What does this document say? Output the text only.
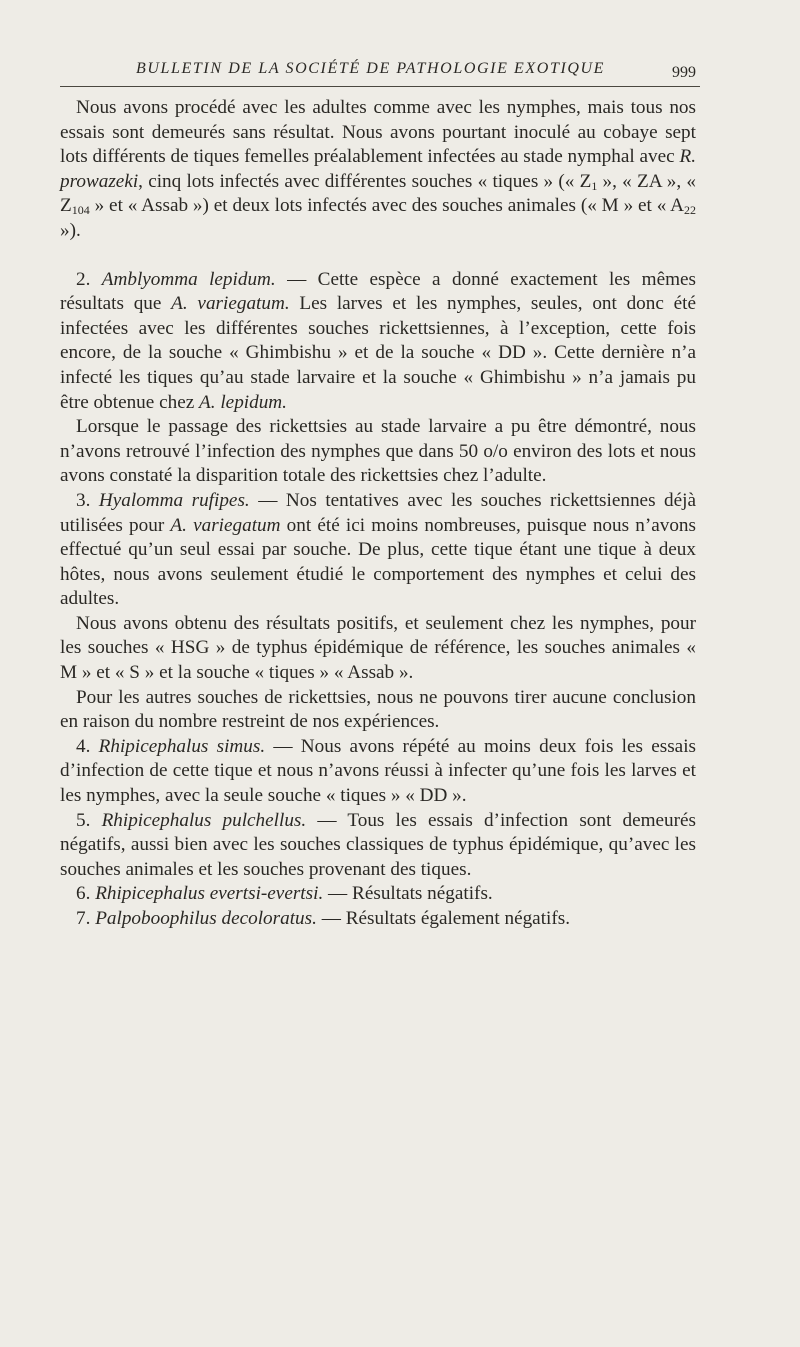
BULLETIN DE LA SOCIÉTÉ DE PATHOLOGIE EXOTIQUE	999

Nous avons procédé avec les adultes comme avec les nymphes, mais tous nos essais sont demeurés sans résultat. Nous avons pourtant inoculé au cobaye sept lots différents de tiques femelles préalablement infectées au stade nymphal avec R. prowazeki, cinq lots infectés avec différentes souches « tiques » (« $Z_1$ », « ZA », « $Z_{104}$ » et « Assab ») et deux lots infectés avec des souches animales (« M » et « $A_{22}$ »).

2. Amblyomma lepidum. — Cette espèce a donné exactement les mêmes résultats que A. variegatum. Les larves et les nymphes, seules, ont donc été infectées avec les différentes souches rickettsiennes, à l’exception, cette fois encore, de la souche « Ghimbishu » et de la souche « DD ». Cette dernière n’a infecté les tiques qu’au stade larvaire et la souche « Ghimbishu » n’a jamais pu être obtenue chez A. lepidum.

Lorsque le passage des rickettsies au stade larvaire a pu être démontré, nous n’avons retrouvé l’infection des nymphes que dans 50 o/o environ des lots et nous avons constaté la disparition totale des rickettsies chez l’adulte.

3. Hyalomma rufipes. — Nos tentatives avec les souches rickettsiennes déjà utilisées pour A. variegatum ont été ici moins nombreuses, puisque nous n’avons effectué qu’un seul essai par souche. De plus, cette tique étant une tique à deux hôtes, nous avons seulement étudié le comportement des nymphes et celui des adultes.

Nous avons obtenu des résultats positifs, et seulement chez les nymphes, pour les souches « HSG » de typhus épidémique de référence, les souches animales « M » et « S » et la souche « tiques » « Assab ».

Pour les autres souches de rickettsies, nous ne pouvons tirer aucune conclusion en raison du nombre restreint de nos expériences.

4. Rhipicephalus simus. — Nous avons répété au moins deux fois les essais d’infection de cette tique et nous n’avons réussi à infecter qu’une fois les larves et les nymphes, avec la seule souche « tiques » « DD ».

5. Rhipicephalus pulchellus. — Tous les essais d’infection sont demeurés négatifs, aussi bien avec les souches classiques de typhus épidémique, qu’avec les souches animales et les souches provenant des tiques.

6. Rhipicephalus evertsi-evertsi. — Résultats négatifs.

7. Palpoboophilus decoloratus. — Résultats également négatifs.
